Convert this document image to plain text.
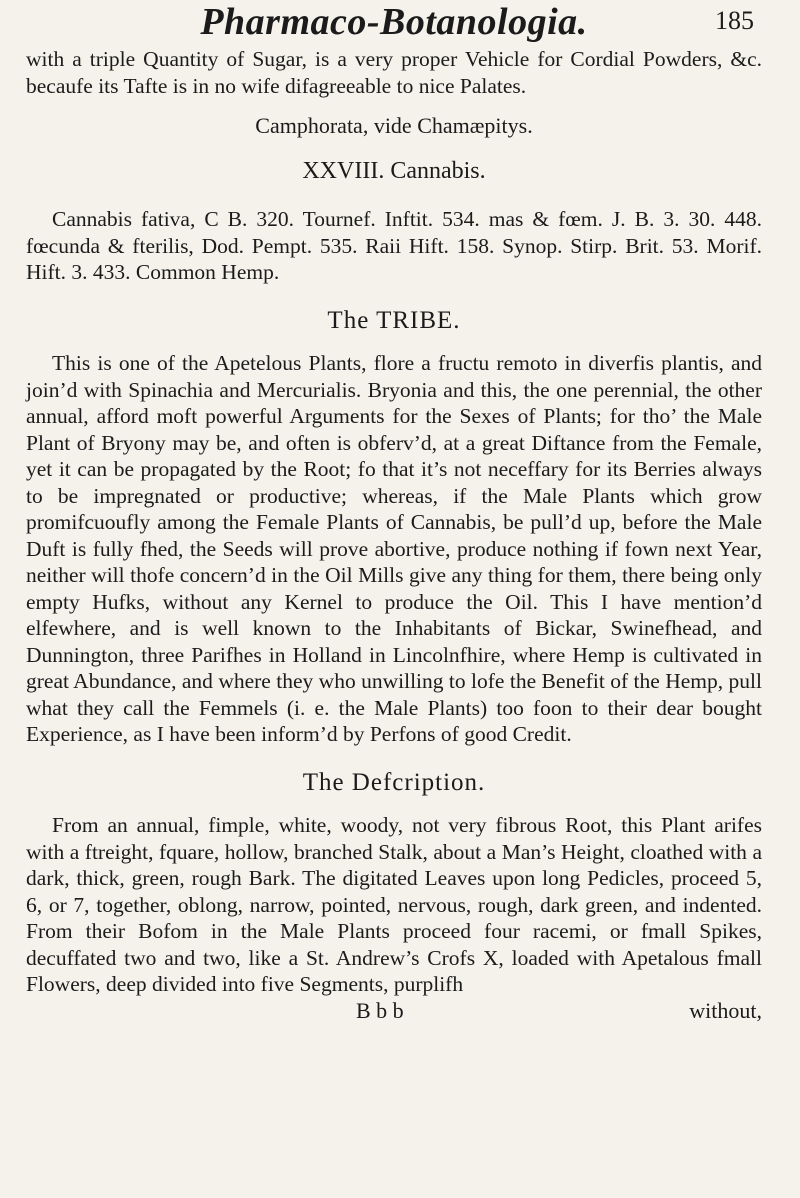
Pharmaco-Botanologia.	185

with a triple Quantity of Sugar, is a very proper Vehicle for Cordial Powders, &c. becaufe its Tafte is in no wife difagreeable to nice Palates.

Camphorata, vide Chamæpitys.
XXVIII. Cannabis.

Cannabis fativa, C B. 320. Tournef. Inftit. 534. mas & fœm. J. B. 3. 30. 448. fœcunda & fterilis, Dod. Pempt. 535. Raii Hift. 158. Synop. Stirp. Brit. 53. Morif. Hift. 3. 433. Common Hemp.

The TRIBE.

This is one of the Apetelous Plants, flore a fructu remoto in diverfis plantis, and join’d with Spinachia and Mercurialis. Bryonia and this, the one perennial, the other annual, afford moft powerful Arguments for the Sexes of Plants; for tho’ the Male Plant of Bryony may be, and often is obferv’d, at a great Diftance from the Female, yet it can be propagated by the Root; fo that it’s not neceffary for its Berries always to be impregnated or productive; whereas, if the Male Plants which grow promifcuoufly among the Female Plants of Cannabis, be pull’d up, before the Male Duft is fully fhed, the Seeds will prove abortive, produce nothing if fown next Year, neither will thofe concern’d in the Oil Mills give any thing for them, there being only empty Hufks, without any Kernel to produce the Oil. This I have mention’d elfewhere, and is well known to the Inhabitants of Bickar, Swinefhead, and Dunnington, three Parifhes in Holland in Lincolnfhire, where Hemp is cultivated in great Abundance, and where they who unwilling to lofe the Benefit of the Hemp, pull what they call the Femmels (i. e. the Male Plants) too foon to their dear bought Experience, as I have been inform’d by Perfons of good Credit.

The Defcription.

From an annual, fimple, white, woody, not very fibrous Root, this Plant arifes with a ftreight, fquare, hollow, branched Stalk, about a Man’s Height, cloathed with a dark, thick, green, rough Bark. The digitated Leaves upon long Pedicles, proceed 5, 6, or 7, together, oblong, narrow, pointed, nervous, rough, dark green, and indented. From their Bofom in the Male Plants proceed four racemi, or fmall Spikes, decuffated two and two, like a St. Andrew’s Crofs X, loaded with Apetalous fmall Flowers, deep divided into five Segments, purplifh

B b b	without,
